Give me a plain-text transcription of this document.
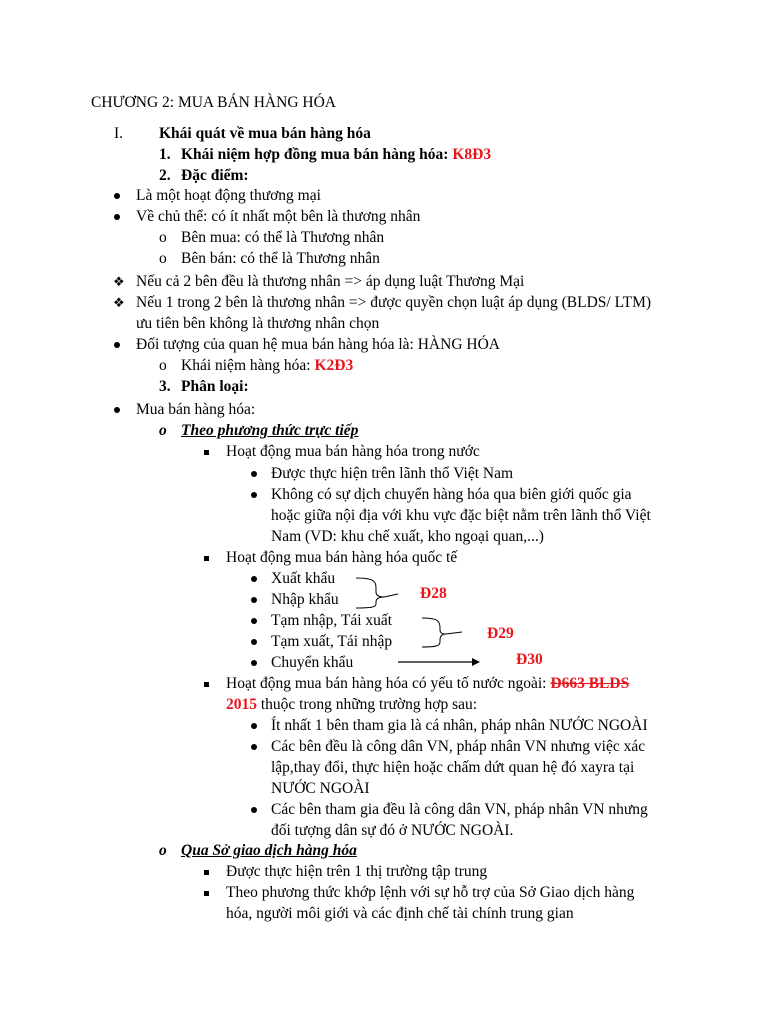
CHƯƠNG 2: MUA BÁN HÀNG HÓA
I. Khái quát về mua bán hàng hóa
1. Khái niệm hợp đồng mua bán hàng hóa: K8Đ3
2. Đặc điểm:
Là một hoạt động thương mại
Về chủ thể: có ít nhất một bên là thương nhân
o Bên mua: có thể là Thương nhân
o Bên bán: có thể là Thương nhân
❖ Nếu cả 2 bên đều là thương nhân => áp dụng luật Thương Mại
❖ Nếu 1 trong 2 bên là thương nhân => được quyền chọn luật áp dụng (BLDS/ LTM)
ưu tiên bên không là thương nhân chọn
Đối tượng của quan hệ mua bán hàng hóa là: HÀNG HÓA
o Khái niệm hàng hóa: K2Đ3
3. Phân loại:
Mua bán hàng hóa:
o Theo phương thức trực tiếp
Hoạt động mua bán hàng hóa trong nước
Được thực hiện trên lãnh thổ Việt Nam
Không có sự dịch chuyển hàng hóa qua biên giới quốc gia
hoặc giữa nội địa với khu vực đặc biệt nằm trên lãnh thổ Việt
Nam (VD: khu chế xuất, kho ngoại quan,...)
Hoạt động mua bán hàng hóa quốc tế
Xuất khẩu
Nhập khẩu
Tạm nhập, Tái xuất
Tạm xuất, Tái nhập
Chuyển khẩu
Đ28
Đ29
Đ30
Hoạt động mua bán hàng hóa có yếu tố nước ngoài: Đ663 BLDS
2015 thuộc trong những trường hợp sau:
Ít nhất 1 bên tham gia là cá nhân, pháp nhân NƯỚC NGOÀI
Các bên đều là công dân VN, pháp nhân VN nhưng việc xác
lập,thay đổi, thực hiện hoặc chấm dứt quan hệ đó xayra tại
NƯỚC NGOÀI
Các bên tham gia đều là công dân VN, pháp nhân VN nhưng
đối tượng dân sự đó ở NƯỚC NGOÀI.
o Qua Sở giao dịch hàng hóa
Được thực hiện trên 1 thị trường tập trung
Theo phương thức khớp lệnh với sự hỗ trợ của Sở Giao dịch hàng
hóa, người môi giới và các định chế tài chính trung gian
